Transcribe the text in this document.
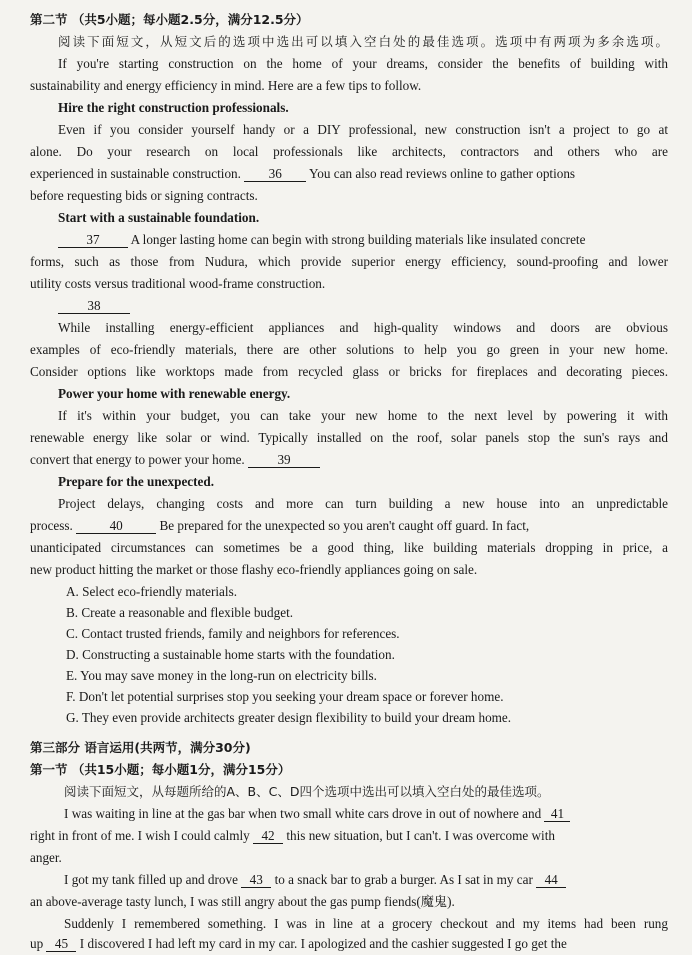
第二节 （共5小题；每小题2.5分，满分12.5分）
阅读下面短文，从短文后的选项中选出可以填入空白处的最佳选项。选项中有两项为多余选项。
If you're starting construction on the home of your dreams, consider the benefits of building with
sustainability and energy efficiency in mind. Here are a few tips to follow.
Hire the right construction professionals.
Even if you consider yourself handy or a DIY professional, new construction isn't a project to go at
alone. Do your research on local professionals like architects, contractors and others who are
experienced in sustainable construction. 36 You can also read reviews online to gather options
before requesting bids or signing contracts.
Start with a sustainable foundation.
37 A longer lasting home can begin with strong building materials like insulated concrete
forms, such as those from Nudura, which provide superior energy efficiency, sound-proofing and lower
utility costs versus traditional wood-frame construction.
38
While installing energy-efficient appliances and high-quality windows and doors are obvious
examples of eco-friendly materials, there are other solutions to help you go green in your new home.
Consider options like worktops made from recycled glass or bricks for fireplaces and decorating pieces.
Power your home with renewable energy.
If it's within your budget, you can take your new home to the next level by powering it with
renewable energy like solar or wind. Typically installed on the roof, solar panels stop the sun's rays and
convert that energy to power your home. 39
Prepare for the unexpected.
Project delays, changing costs and more can turn building a new house into an unpredictable
process.	40	Be prepared for the unexpected so you aren't caught off guard. In fact,
unanticipated circumstances can sometimes be a good thing, like building materials dropping in price, a
new product hitting the market or those flashy eco-friendly appliances going on sale.
A. Select eco-friendly materials.
B. Create a reasonable and flexible budget.
C. Contact trusted friends, family and neighbors for references.
D. Constructing a sustainable home starts with the foundation.
E. You may save money in the long-run on electricity bills.
F. Don't let potential surprises stop you seeking your dream space or forever home.
G. They even provide architects greater design flexibility to build your dream home.
第三部分 语言运用(共两节，满分30分)
第一节 （共15小题；每小题1分，满分15分）
阅读下面短文，从每题所给的A、B、C、D四个选项中选出可以填入空白处的最佳选项。
I was waiting in line at the gas bar when two small white cars drove in out of nowhere and 41
right in front of me. I wish I could calmly 42 this new situation, but I can't. I was overcome with
anger.
I got my tank filled up and drove 43 to a snack bar to grab a burger. As I sat in my car 44
an above-average tasty lunch, I was still angry about the gas pump fiends(魔鬼).
Suddenly I remembered something. I was in line at a grocery checkout and my items had been rung
up 45 I discovered I had left my card in my car. I apologized and the cashier suggested I go get the
